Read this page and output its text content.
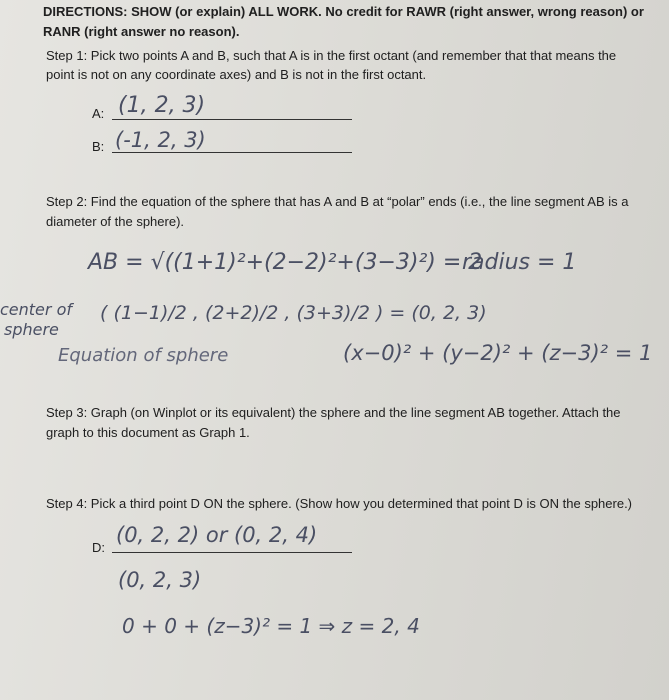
DIRECTIONS: SHOW (or explain) ALL WORK. No credit for RAWR (right answer, wrong reason) or
RANR (right answer no reason).
Step 1: Pick two points A and B, such that A is in the first octant (and remember that that means the
point is not on any coordinate axes) and B is not in the first octant.
A: (1, 2, 3)
B: (-1, 2, 3)
Step 2: Find the equation of the sphere that has A and B at “polar” ends (i.e., the line segment AB is a
diameter of the sphere).
AB = √((1+1)²+(2−2)²+(3−3)²) = 2
radius = 1
center of
sphere
( (1−1)/2 , (2+2)/2 , (3+3)/2 ) = (0, 2, 3)
Equation of sphere	(x−0)² + (y−2)² + (z−3)² = 1
Step 3: Graph (on Winplot or its equivalent) the sphere and the line segment AB together. Attach the
graph to this document as Graph 1.
Step 4: Pick a third point D ON the sphere. (Show how you determined that point D is ON the sphere.)
D:
(0, 2, 2) or (0, 2, 4)
(0, 2, 3)
0 + 0 + (z−3)² = 1 ⇒ z = 2, 4
